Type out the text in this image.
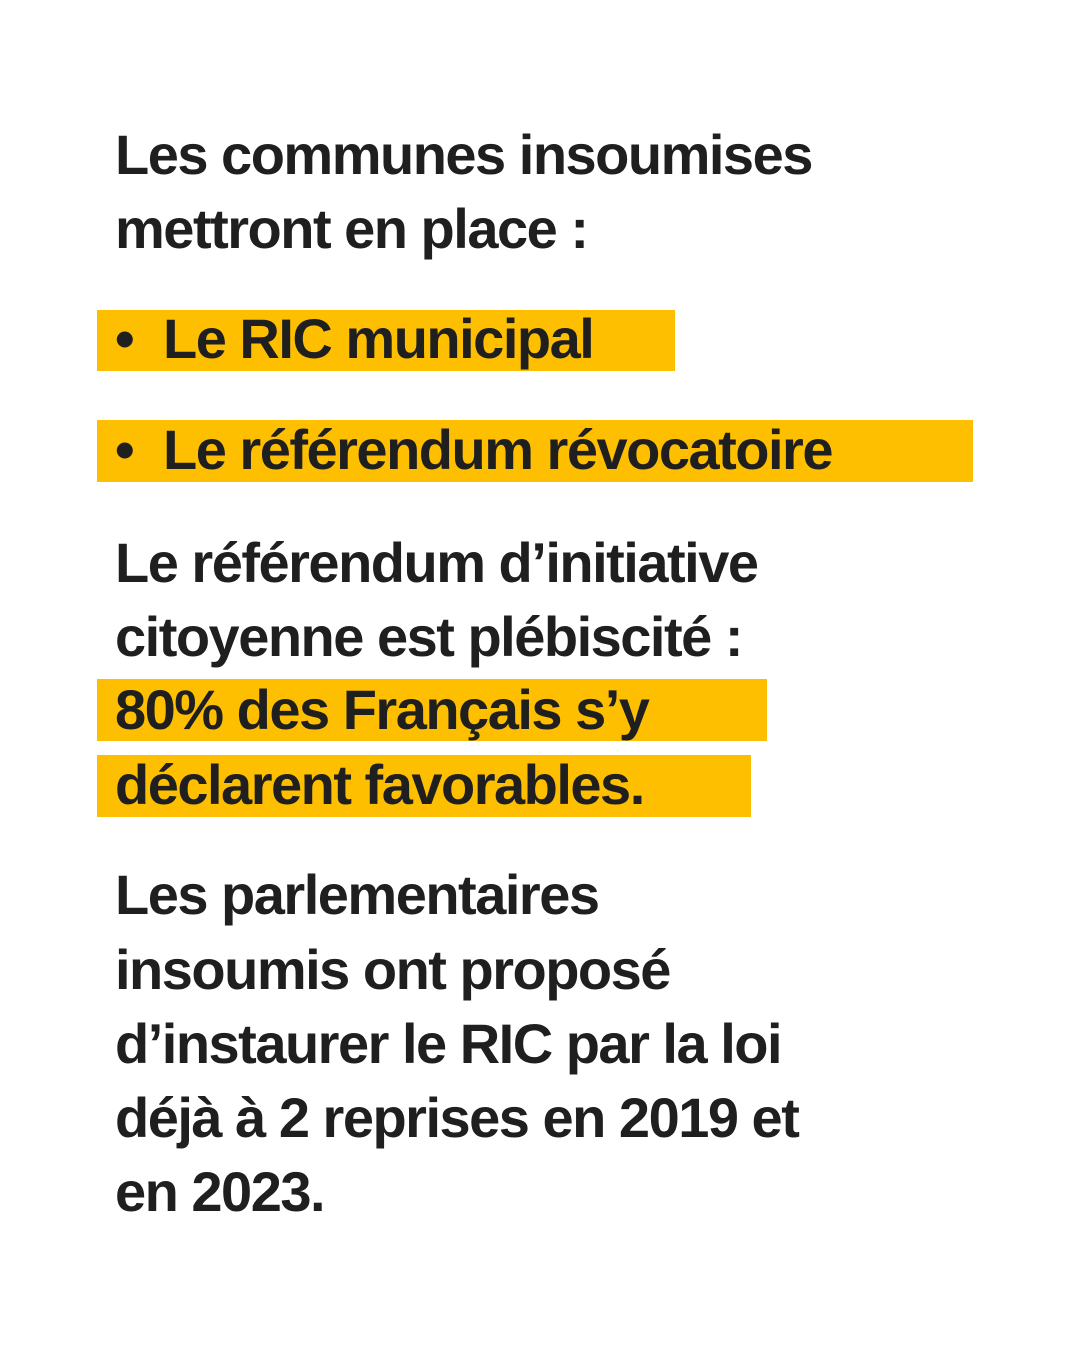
Les communes insoumises
mettront en place :
• Le RIC municipal
• Le référendum révocatoire
Le référendum d’initiative
citoyenne est plébiscité :
80% des Français s’y
déclarent favorables.
Les parlementaires
insoumis ont proposé
d’instaurer le RIC par la loi
déjà à 2 reprises en 2019 et
en 2023.
